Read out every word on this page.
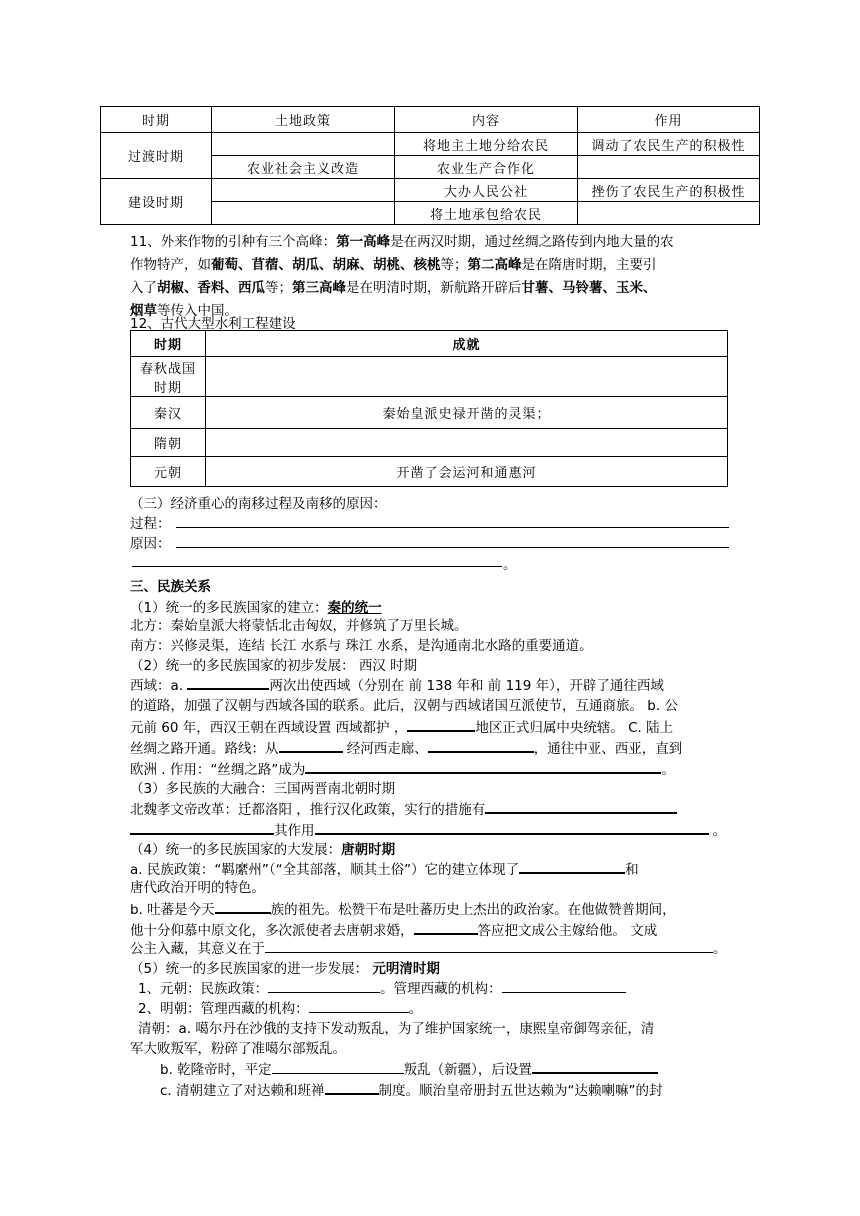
时期	土地政策	内容	作用
过渡时期		将地主土地分给农民	调动了农民生产的积极性
	农业社会主义改造	农业生产合作化	
建设时期		大办人民公社	挫伤了农民生产的积极性
		将土地承包给农民	
11、外来作物的引种有三个高峰：第一高峰是在两汉时期，通过丝绸之路传到内地大量的农
作物特产，如葡萄、苜蓿、胡瓜、胡麻、胡桃、核桃等；第二高峰是在隋唐时期，主要引
入了胡椒、香料、西瓜等；第三高峰是在明清时期，新航路开辟后甘薯、马铃薯、玉米、
烟草等传入中国。
12、古代大型水利工程建设
时期	成就
春秋战国
时期	
秦汉	秦始皇派史禄开凿的灵渠；
隋朝	
元朝	开凿了会运河和通惠河
（三）经济重心的南移过程及南移的原因：
过程：
原因：
。
三、民族关系
（1）统一的多民族国家的建立：秦的统一
北方：秦始皇派大将蒙恬北击匈奴，并修筑了万里长城。
南方：兴修灵渠，连结 长江 水系与 珠江 水系，是沟通南北水路的重要通道。
（2）统一的多民族国家的初步发展： 西汉 时期
西域：a.	两次出使西域（分别在 前 138 年和 前 119 年），开辟了通往西域
的道路，加强了汉朝与西域各国的联系。此后，汉朝与西域诸国互派使节，互通商旅。 b. 公
元前 60 年，西汉王朝在西域设置 西域都护 ，	地区正式归属中央统辖。 C. 陆上
丝绸之路开通。路线：从	经河西走廊、	，通往中亚、西亚，直到
欧洲 . 作用：“丝绸之路”成为	。
（3）多民族的大融合：三国两晋南北朝时期
北魏孝文帝改革：迁都洛阳 ，推行汉化政策，实行的措施有
其作用	。
（4）统一的多民族国家的大发展：唐朝时期
a. 民族政策：“羁縻州”（“全其部落，顺其土俗”）它的建立体现了	和
唐代政治开明的特色。
b. 吐蕃是今天	族的祖先。松赞干布是吐蕃历史上杰出的政治家。在他做赞普期间，
他十分仰慕中原文化，多次派使者去唐朝求婚，	答应把文成公主嫁给他。 文成
公主入藏，其意义在于	。
（5）统一的多民族国家的进一步发展： 元明清时期
1、元朝：民族政策：	。管理西藏的机构：
2、明朝：管理西藏的机构：	。
清朝：a. 噶尔丹在沙俄的支持下发动叛乱，为了维护国家统一，康熙皇帝御驾亲征，清
军大败叛军，粉碎了准噶尔部叛乱。
b. 乾隆帝时，平定	叛乱（新疆），后设置
c. 清朝建立了对达赖和班禅	制度。顺治皇帝册封五世达赖为“达赖喇嘛”的封
